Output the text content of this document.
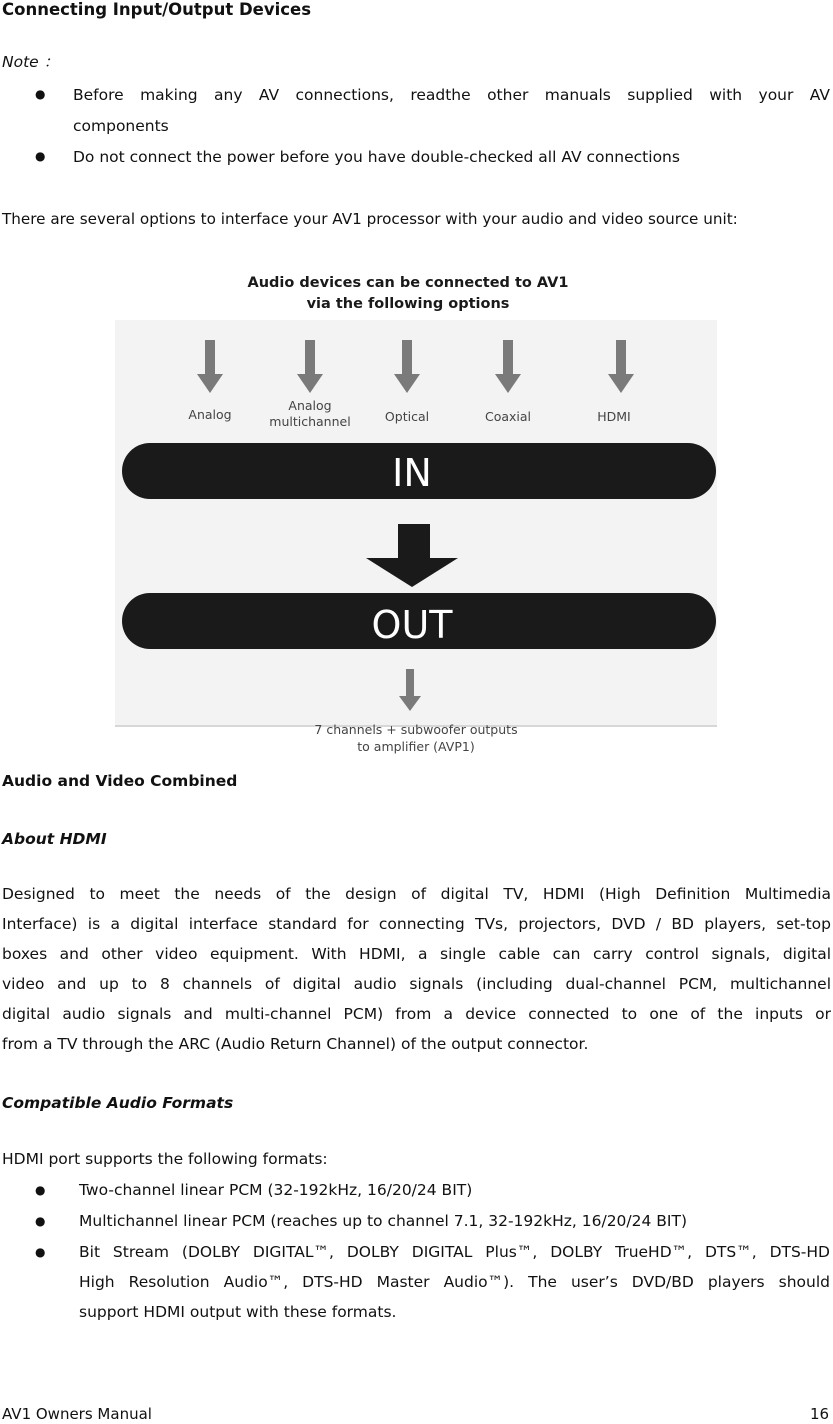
Connecting Input/Output Devices
Note ：
● Before making any AV connections, readthe other manuals supplied with your AV
components
● Do not connect the power before you have double-checked all AV connections
There are several options to interface your AV1 processor with your audio and video source unit:
Audio devices can be connected to AV1
via the following options
Analog
Analog
multichannel	Optical	Coaxial	HDMI
IN
OUT
7 channels + subwoofer outputs
to amplifier (AVP1)
Audio and Video Combined
About HDMI
Designed to meet the needs of the design of digital TV, HDMI (High Definition Multimedia
Interface) is a digital interface standard for connecting TVs, projectors, DVD / BD players, set-top
boxes and other video equipment. With HDMI, a single cable can carry control signals, digital
video and up to 8 channels of digital audio signals (including dual-channel PCM, multichannel
digital audio signals and multi-channel PCM) from a device connected to one of the inputs or
from a TV through the ARC (Audio Return Channel) of the output connector.
Compatible Audio Formats
HDMI port supports the following formats:
● Two-channel linear PCM (32-192kHz, 16/20/24 BIT)
● Multichannel linear PCM (reaches up to channel 7.1, 32-192kHz, 16/20/24 BIT)
● Bit Stream (DOLBY DIGITAL™, DOLBY DIGITAL Plus™, DOLBY TrueHD™, DTS™, DTS-HD
High Resolution Audio™, DTS-HD Master Audio™). The user’s DVD/BD players should
support HDMI output with these formats.
AV1 Owners Manual	16
